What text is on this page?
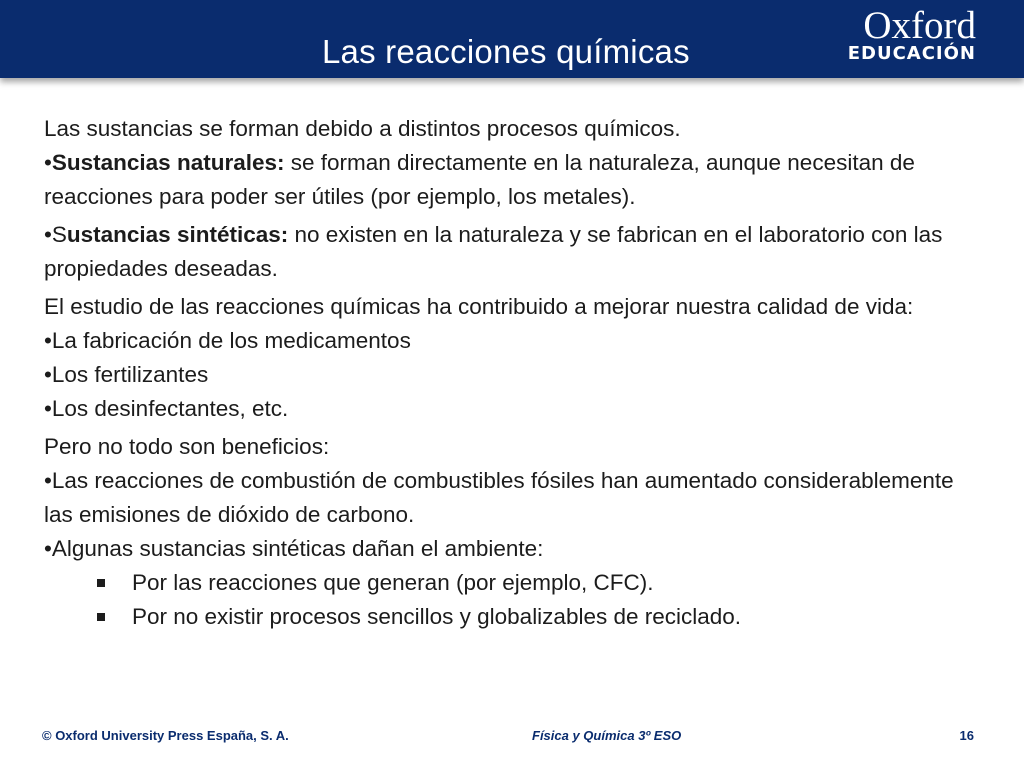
Las reacciones químicas
Oxford
EDUCACIÓN

Las sustancias se forman debido a distintos procesos químicos.

•Sustancias naturales: se forman directamente en la naturaleza, aunque necesitan de reacciones para poder ser útiles (por ejemplo, los metales).

•Sustancias sintéticas: no existen en la naturaleza y se fabrican en el laboratorio con las propiedades deseadas.

El estudio de las reacciones químicas ha contribuido a mejorar nuestra calidad de vida:

•La fabricación de los medicamentos

•Los fertilizantes

•Los desinfectantes, etc.

Pero no todo son beneficios:

•Las reacciones de combustión de combustibles fósiles han aumentado considerablemente las emisiones de dióxido de carbono.

•Algunas sustancias sintéticas dañan el ambiente:

Por las reacciones que generan (por ejemplo, CFC).
Por no existir procesos sencillos y globalizables de reciclado.
© Oxford University Press España, S. A.	Física y Química 3º ESO	16
